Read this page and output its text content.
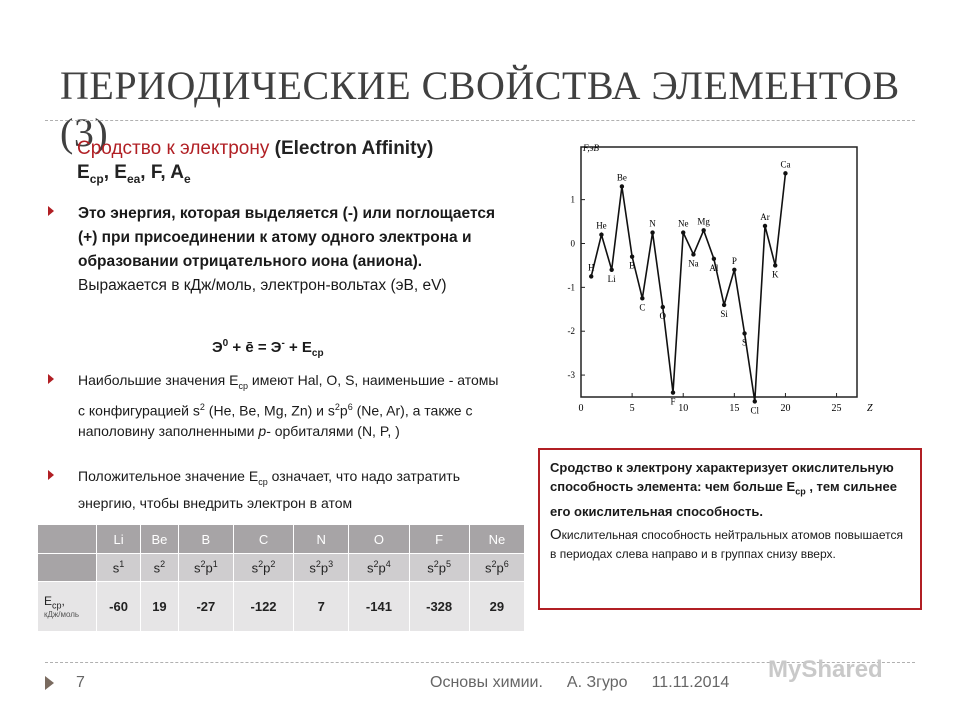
ПЕРИОДИЧЕСКИЕ СВОЙСТВА ЭЛЕМЕНТОВ (3)
Сродство к электрону (Electron Affinity)
$E_{ср}$, $E_{ea}$, F, $A_e$
Это энергия, которая выделяется (-) или поглощается (+) при присоединении к атому одного электрона и образовании отрицательного иона (аниона). Выражается в кДж/моль, электрон-вольтах (эВ, eV)
$Э^0$ + ē = $Э^- + E_{ср}$
Наибольшие значения $E_{ср}$ имеют Hal, O, S, наименьшие - атомы с конфигурацией $s^2$ (He, Be, Mg, Zn) и $s^2p^6$ (Ne, Ar), а также с наполовину заполненными p- орбиталями (N, P, )
Положительное значение $E_{ср}$ означает, что надо затратить энергию, чтобы внедрить электрон в атом
F,эB
1
0
-1
-2
-3
0	5	10	15	20	25	Z
H
He
Li
Be
B
C
N
O
F
Ne
Na
Mg
Al
Si
P
S
Cl
Ar
K
Ca
Сродство к электрону характеризует окислительную способность элемента: чем больше $E_{ср}$ , тем сильнее его окислительная способность.
Окислительная способность нейтральных атомов повышается в периодах слева направо и в группах снизу вверх.
	Li	Be	B	C	N	O	F	Ne
	$s^1$	$s^2$	$s^2p^1$	$s^2p^2$	$s^2p^3$	$s^2p^4$	$s^2p^5$	$s^2p^6$
$E_{ср}$,
кДж/моль	-60	19	-27	-122	7	-141	-328	29
7	Основы химии. А. Згуро 11.11.2014	MyShared
